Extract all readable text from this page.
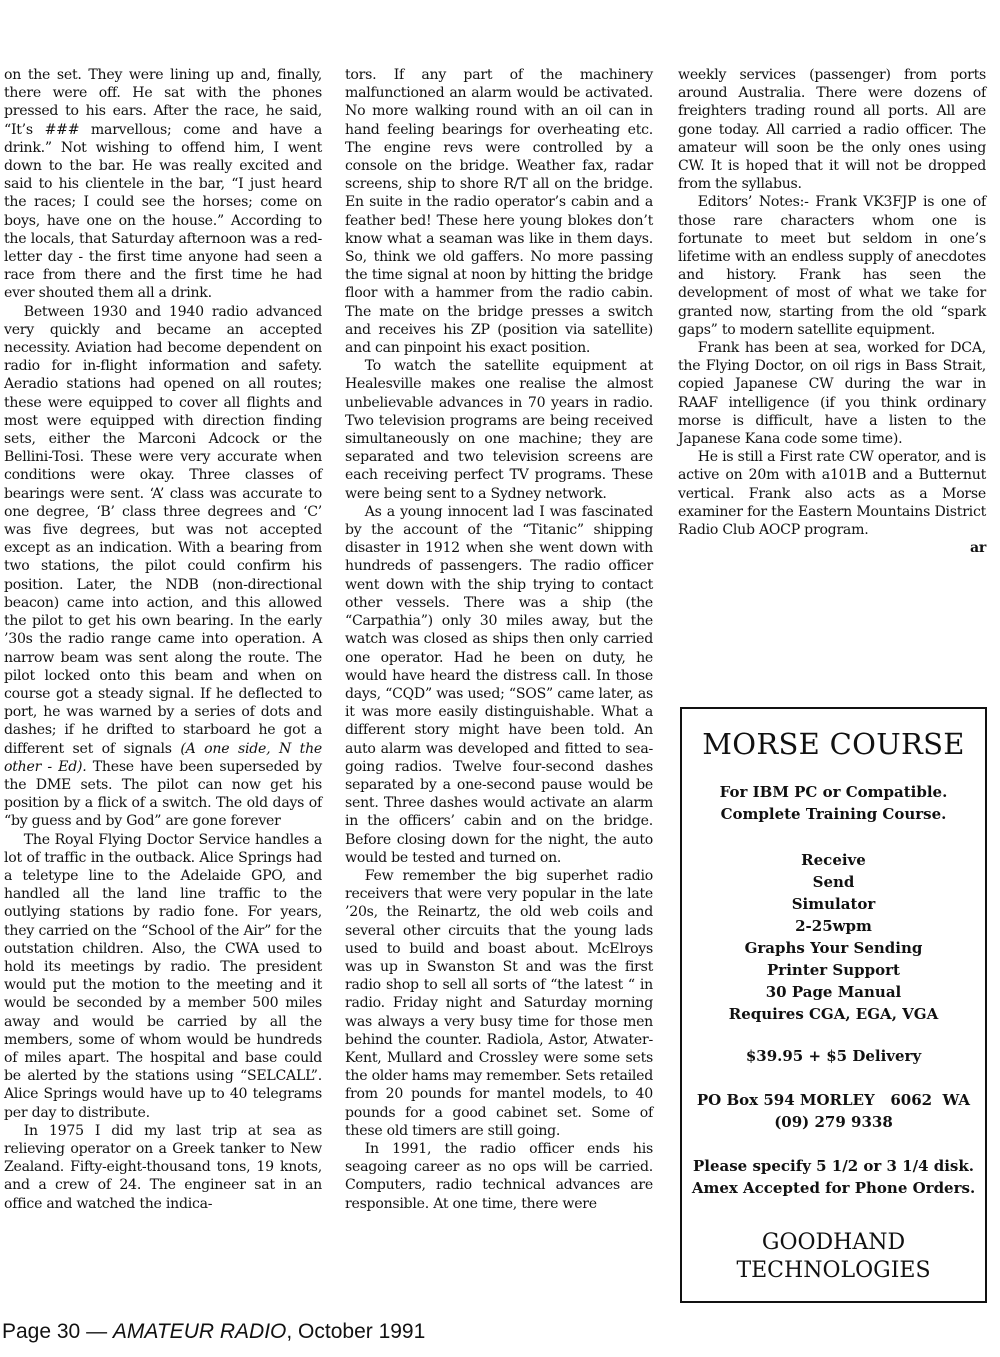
on the set. They were lining up and, finally, there were off. He sat with the phones pressed to his ears. After the race, he said, “It’s ### marvellous; come and have a drink.” Not wishing to offend him, I went down to the bar. He was really excited and said to his clientele in the bar, “I just heard the races; I could see the horses; come on boys, have one on the house.” According to the locals, that Saturday afternoon was a red-letter day - the first time anyone had seen a race from there and the first time he had ever shouted them all a drink.

Between 1930 and 1940 radio advanced very quickly and became an accepted necessity. Aviation had become dependent on radio for in-flight information and safety. Aeradio stations had opened on all routes; these were equipped to cover all flights and most were equipped with direction finding sets, either the Marconi Adcock or the Bellini-Tosi. These were very accurate when conditions were okay. Three classes of bearings were sent. ‘A’ class was accurate to one degree, ‘B’ class three degrees and ‘C’ was five degrees, but was not accepted except as an indication. With a bearing from two stations, the pilot could confirm his position. Later, the NDB (non-directional beacon) came into action, and this allowed the pilot to get his own bearing. In the early ’30s the radio range came into operation. A narrow beam was sent along the route. The pilot locked onto this beam and when on course got a steady signal. If he deflected to port, he was warned by a series of dots and dashes; if he drifted to starboard he got a different set of signals (A one side, N the other - Ed). These have been superseded by the DME sets. The pilot can now get his position by a flick of a switch. The old days of “by guess and by God” are gone forever

The Royal Flying Doctor Service handles a lot of traffic in the outback. Alice Springs had a teletype line to the Adelaide GPO, and handled all the land line traffic to the outlying stations by radio fone. For years, they carried on the “School of the Air” for the outstation children. Also, the CWA used to hold its meetings by radio. The president would put the motion to the meeting and it would be seconded by a member 500 miles away and would be carried by all the members, some of whom would be hundreds of miles apart. The hospital and base could be alerted by the stations using “SELCALL”. Alice Springs would have up to 40 telegrams per day to distribute.

In 1975 I did my last trip at sea as relieving operator on a Greek tanker to New Zealand. Fifty-eight-thousand tons, 19 knots, and a crew of 24. The engineer sat in an office and watched the indica-

tors. If any part of the machinery malfunctioned an alarm would be activated. No more walking round with an oil can in hand feeling bearings for overheating etc. The engine revs were controlled by a console on the bridge. Weather fax, radar screens, ship to shore R/T all on the bridge. En suite in the radio operator’s cabin and a feather bed! These here young blokes don’t know what a seaman was like in them days. So, think we old gaffers. No more passing the time signal at noon by hitting the bridge floor with a hammer from the radio cabin. The mate on the bridge presses a switch and receives his ZP (position via satellite) and can pinpoint his exact position.

To watch the satellite equipment at Healesville makes one realise the almost unbelievable advances in 70 years in radio. Two television programs are being received simultaneously on one machine; they are separated and two television screens are each receiving perfect TV programs. These were being sent to a Sydney network.

As a young innocent lad I was fascinated by the account of the “Titanic” shipping disaster in 1912 when she went down with hundreds of passengers. The radio officer went down with the ship trying to contact other vessels. There was a ship (the “Carpathia”) only 30 miles away, but the watch was closed as ships then only carried one operator. Had he been on duty, he would have heard the distress call. In those days, “CQD” was used; “SOS” came later, as it was more easily distinguishable. What a different story might have been told. An auto alarm was developed and fitted to sea-going radios. Twelve four-second dashes separated by a one-second pause would be sent. Three dashes would activate an alarm in the officers’ cabin and on the bridge. Before closing down for the night, the auto would be tested and turned on.

Few remember the big superhet radio receivers that were very popular in the late ’20s, the Reinartz, the old web coils and several other circuits that the young lads used to build and boast about. McElroys was up in Swanston St and was the first radio shop to sell all sorts of “the latest “ in radio. Friday night and Saturday morning was always a very busy time for those men behind the counter. Radiola, Astor, Atwater-Kent, Mullard and Crossley were some sets the older hams may remember. Sets retailed from 20 pounds for mantel models, to 40 pounds for a good cabinet set. Some of these old timers are still going.

In 1991, the radio officer ends his seagoing career as no ops will be carried. Computers, radio technical advances are responsible. At one time, there were

weekly services (passenger) from ports around Australia. There were dozens of freighters trading round all ports. All are gone today. All carried a radio officer. The amateur will soon be the only ones using CW. It is hoped that it will not be dropped from the syllabus.

Editors’ Notes:- Frank VK3FJP is one of those rare characters whom one is fortunate to meet but seldom in one’s lifetime with an endless supply of anecdotes and history. Frank has seen the development of most of what we take for granted now, starting from the old “spark gaps” to modern satellite equipment.

Frank has been at sea, worked for DCA, the Flying Doctor, on oil rigs in Bass Strait, copied Japanese CW during the war in RAAF intelligence (if you think ordinary morse is difficult, have a listen to the Japanese Kana code some time).

He is still a First rate CW operator, and is active on 20m with a101B and a Butternut vertical. Frank also acts as a Morse examiner for the Eastern Mountains District Radio Club AOCP program.

ar

MORSE COURSE
For IBM PC or Compatible.
Complete Training Course.
Receive
Send
Simulator
2-25wpm
Graphs Your Sending
Printer Support
30 Page Manual
Requires CGA, EGA, VGA
$39.95 + $5 Delivery
PO Box 594 MORLEY   6062  WA
(09) 279 9338
Please specify 5 1/2 or 3 1/4 disk.
Amex Accepted for Phone Orders.
GOODHAND
TECHNOLOGIES
Page 30 — AMATEUR RADIO, October 1991
